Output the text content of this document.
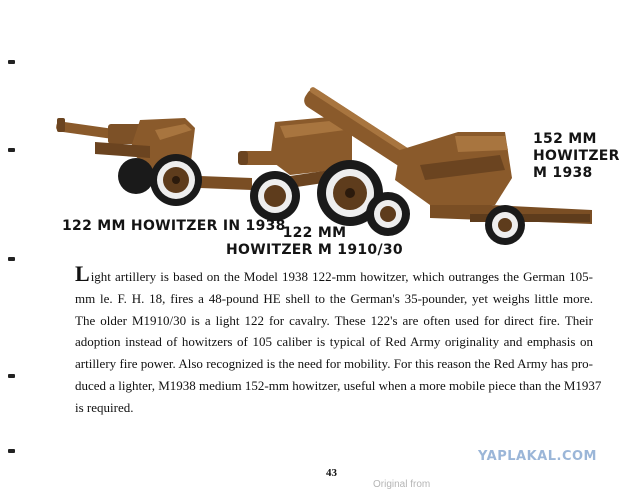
122 MM HOWITZER IN 1938
122 MM
HOWITZER M 1910/30
152 MM
HOWITZER
M 1938
Light artillery is based on the Model 1938 122-mm howitzer, which outranges the German 105-
mm le. F. H. 18, fires a 48-pound HE shell to the German's 35-pounder, yet weighs little more.
The older M1910/30 is a light 122 for cavalry. These 122's are often used for direct fire. Their
adoption instead of howitzers of 105 caliber is typical of Red Army originality and emphasis on
artillery fire power. Also recognized is the need for mobility. For this reason the Red Army has pro-
duced a lighter, M1938 medium 152-mm howitzer, useful when a more mobile piece than the M1937
is required.
YAPLAKAL.COM
43
Original from
